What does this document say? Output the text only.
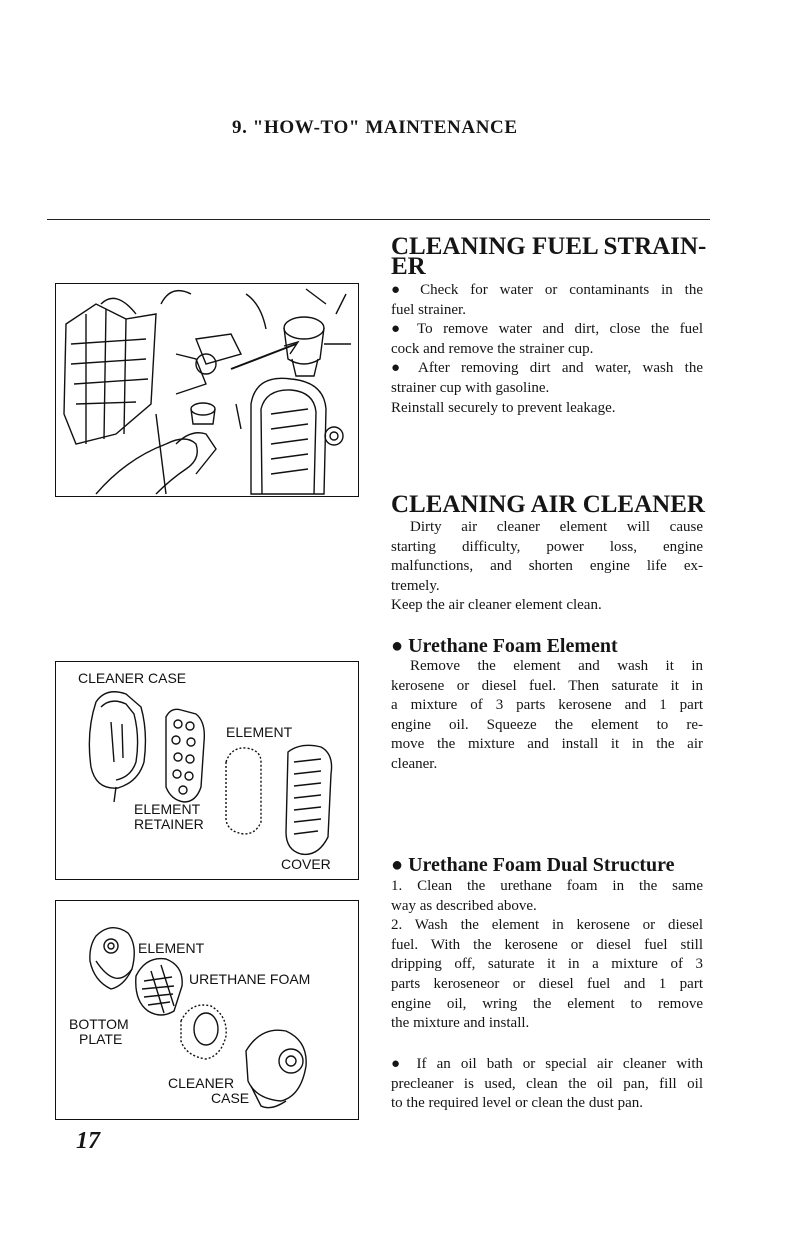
9. "HOW-TO" MAINTENANCE
CLEANER CASE
ELEMENT
ELEMENT
RETAINER
COVER
ELEMENT
URETHANE FOAM
BOTTOM
PLATE
CLEANER
CASE
CLEANING FUEL STRAIN-
ER

● Check for water or contaminants in the

fuel strainer.

● To remove water and dirt, close the fuel

cock and remove the strainer cup.

● After removing dirt and water, wash the

strainer cup with gasoline.

Reinstall securely to prevent leakage.

CLEANING AIR CLEANER

Dirty air cleaner element will cause

starting difficulty, power loss, engine

malfunctions, and shorten engine life ex-

tremely.

Keep the air cleaner element clean.

● Urethane Foam Element

Remove the element and wash it in

kerosene or diesel fuel. Then saturate it in

a mixture of 3 parts kerosene and 1 part

engine oil. Squeeze the element to re-

move the mixture and install it in the air

cleaner.

● Urethane Foam Dual Structure

1. Clean the urethane foam in the same

way as described above.

2. Wash the element in kerosene or diesel

fuel. With the kerosene or diesel fuel still

dripping off, saturate it in a mixture of 3

parts keroseneor or diesel fuel and 1 part

engine oil, wring the element to remove

the mixture and install.

● If an oil bath or special air cleaner with

precleaner is used, clean the oil pan, fill oil

to the required level or clean the dust pan.

17
